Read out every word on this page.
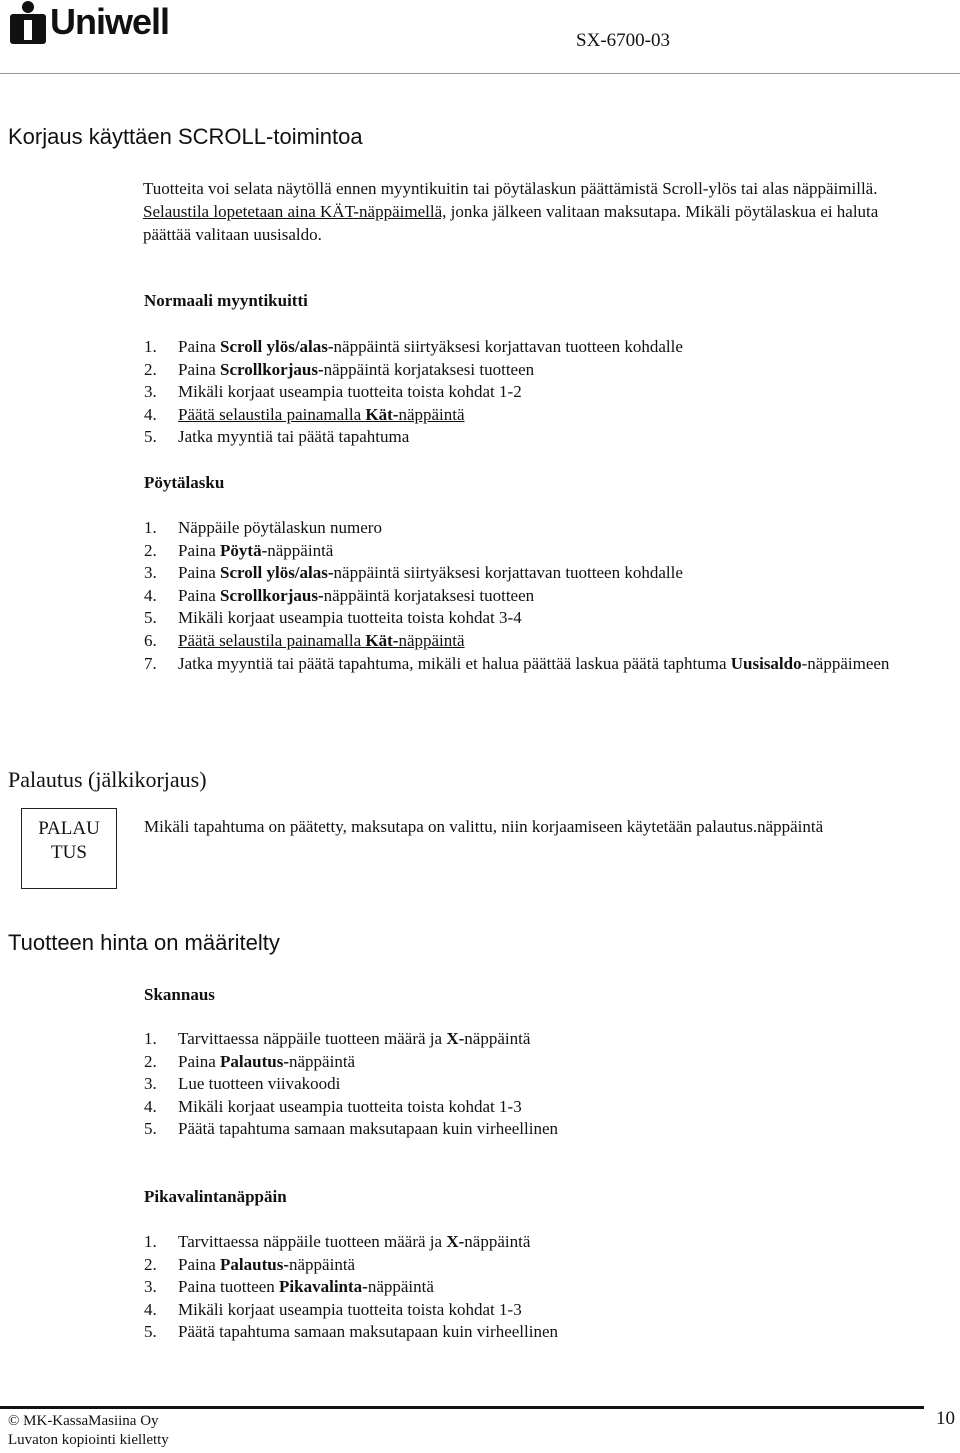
Uniwell	SX-6700-03
Korjaus käyttäen SCROLL-toimintoa
Tuotteita voi selata näytöllä ennen myyntikuitin tai pöytälaskun päättämistä Scroll-ylös tai alas näppäimillä. Selaustila lopetetaan aina KÄT-näppäimellä, jonka jälkeen valitaan maksutapa. Mikäli pöytälaskua ei haluta päättää valitaan uusisaldo.
Normaali myyntikuitti
1. Paina Scroll ylös/alas-näppäintä siirtyäksesi korjattavan tuotteen kohdalle
2. Paina Scrollkorjaus-näppäintä korjataksesi tuotteen
3. Mikäli korjaat useampia tuotteita toista kohdat 1-2
4. Päätä selaustila painamalla Kät-näppäintä
5. Jatka myyntiä tai päätä tapahtuma
Pöytälasku
1. Näppäile pöytälaskun numero
2. Paina Pöytä-näppäintä
3. Paina Scroll ylös/alas-näppäintä siirtyäksesi korjattavan tuotteen kohdalle
4. Paina Scrollkorjaus-näppäintä korjataksesi tuotteen
5. Mikäli korjaat useampia tuotteita toista kohdat 3-4
6. Päätä selaustila painamalla Kät-näppäintä
7. Jatka myyntiä tai päätä tapahtuma, mikäli et halua päättää laskua päätä taphtuma Uusisaldo-näppäimeen
Palautus (jälkikorjaus)
PALAU
TUS
Mikäli tapahtuma on päätetty, maksutapa on valittu, niin korjaamiseen käytetään palautus.näppäintä
Tuotteen hinta on määritelty
Skannaus
1. Tarvittaessa näppäile tuotteen määrä ja X-näppäintä
2. Paina Palautus-näppäintä
3. Lue tuotteen viivakoodi
4. Mikäli korjaat useampia tuotteita toista kohdat 1-3
5. Päätä tapahtuma samaan maksutapaan kuin virheellinen
Pikavalintanäppäin
1. Tarvittaessa näppäile tuotteen määrä ja X-näppäintä
2. Paina Palautus-näppäintä
3. Paina tuotteen Pikavalinta-näppäintä
4. Mikäli korjaat useampia tuotteita toista kohdat 1-3
5. Päätä tapahtuma samaan maksutapaan kuin virheellinen
© MK-KassaMasiina Oy
Luvaton kopiointi kielletty
10
